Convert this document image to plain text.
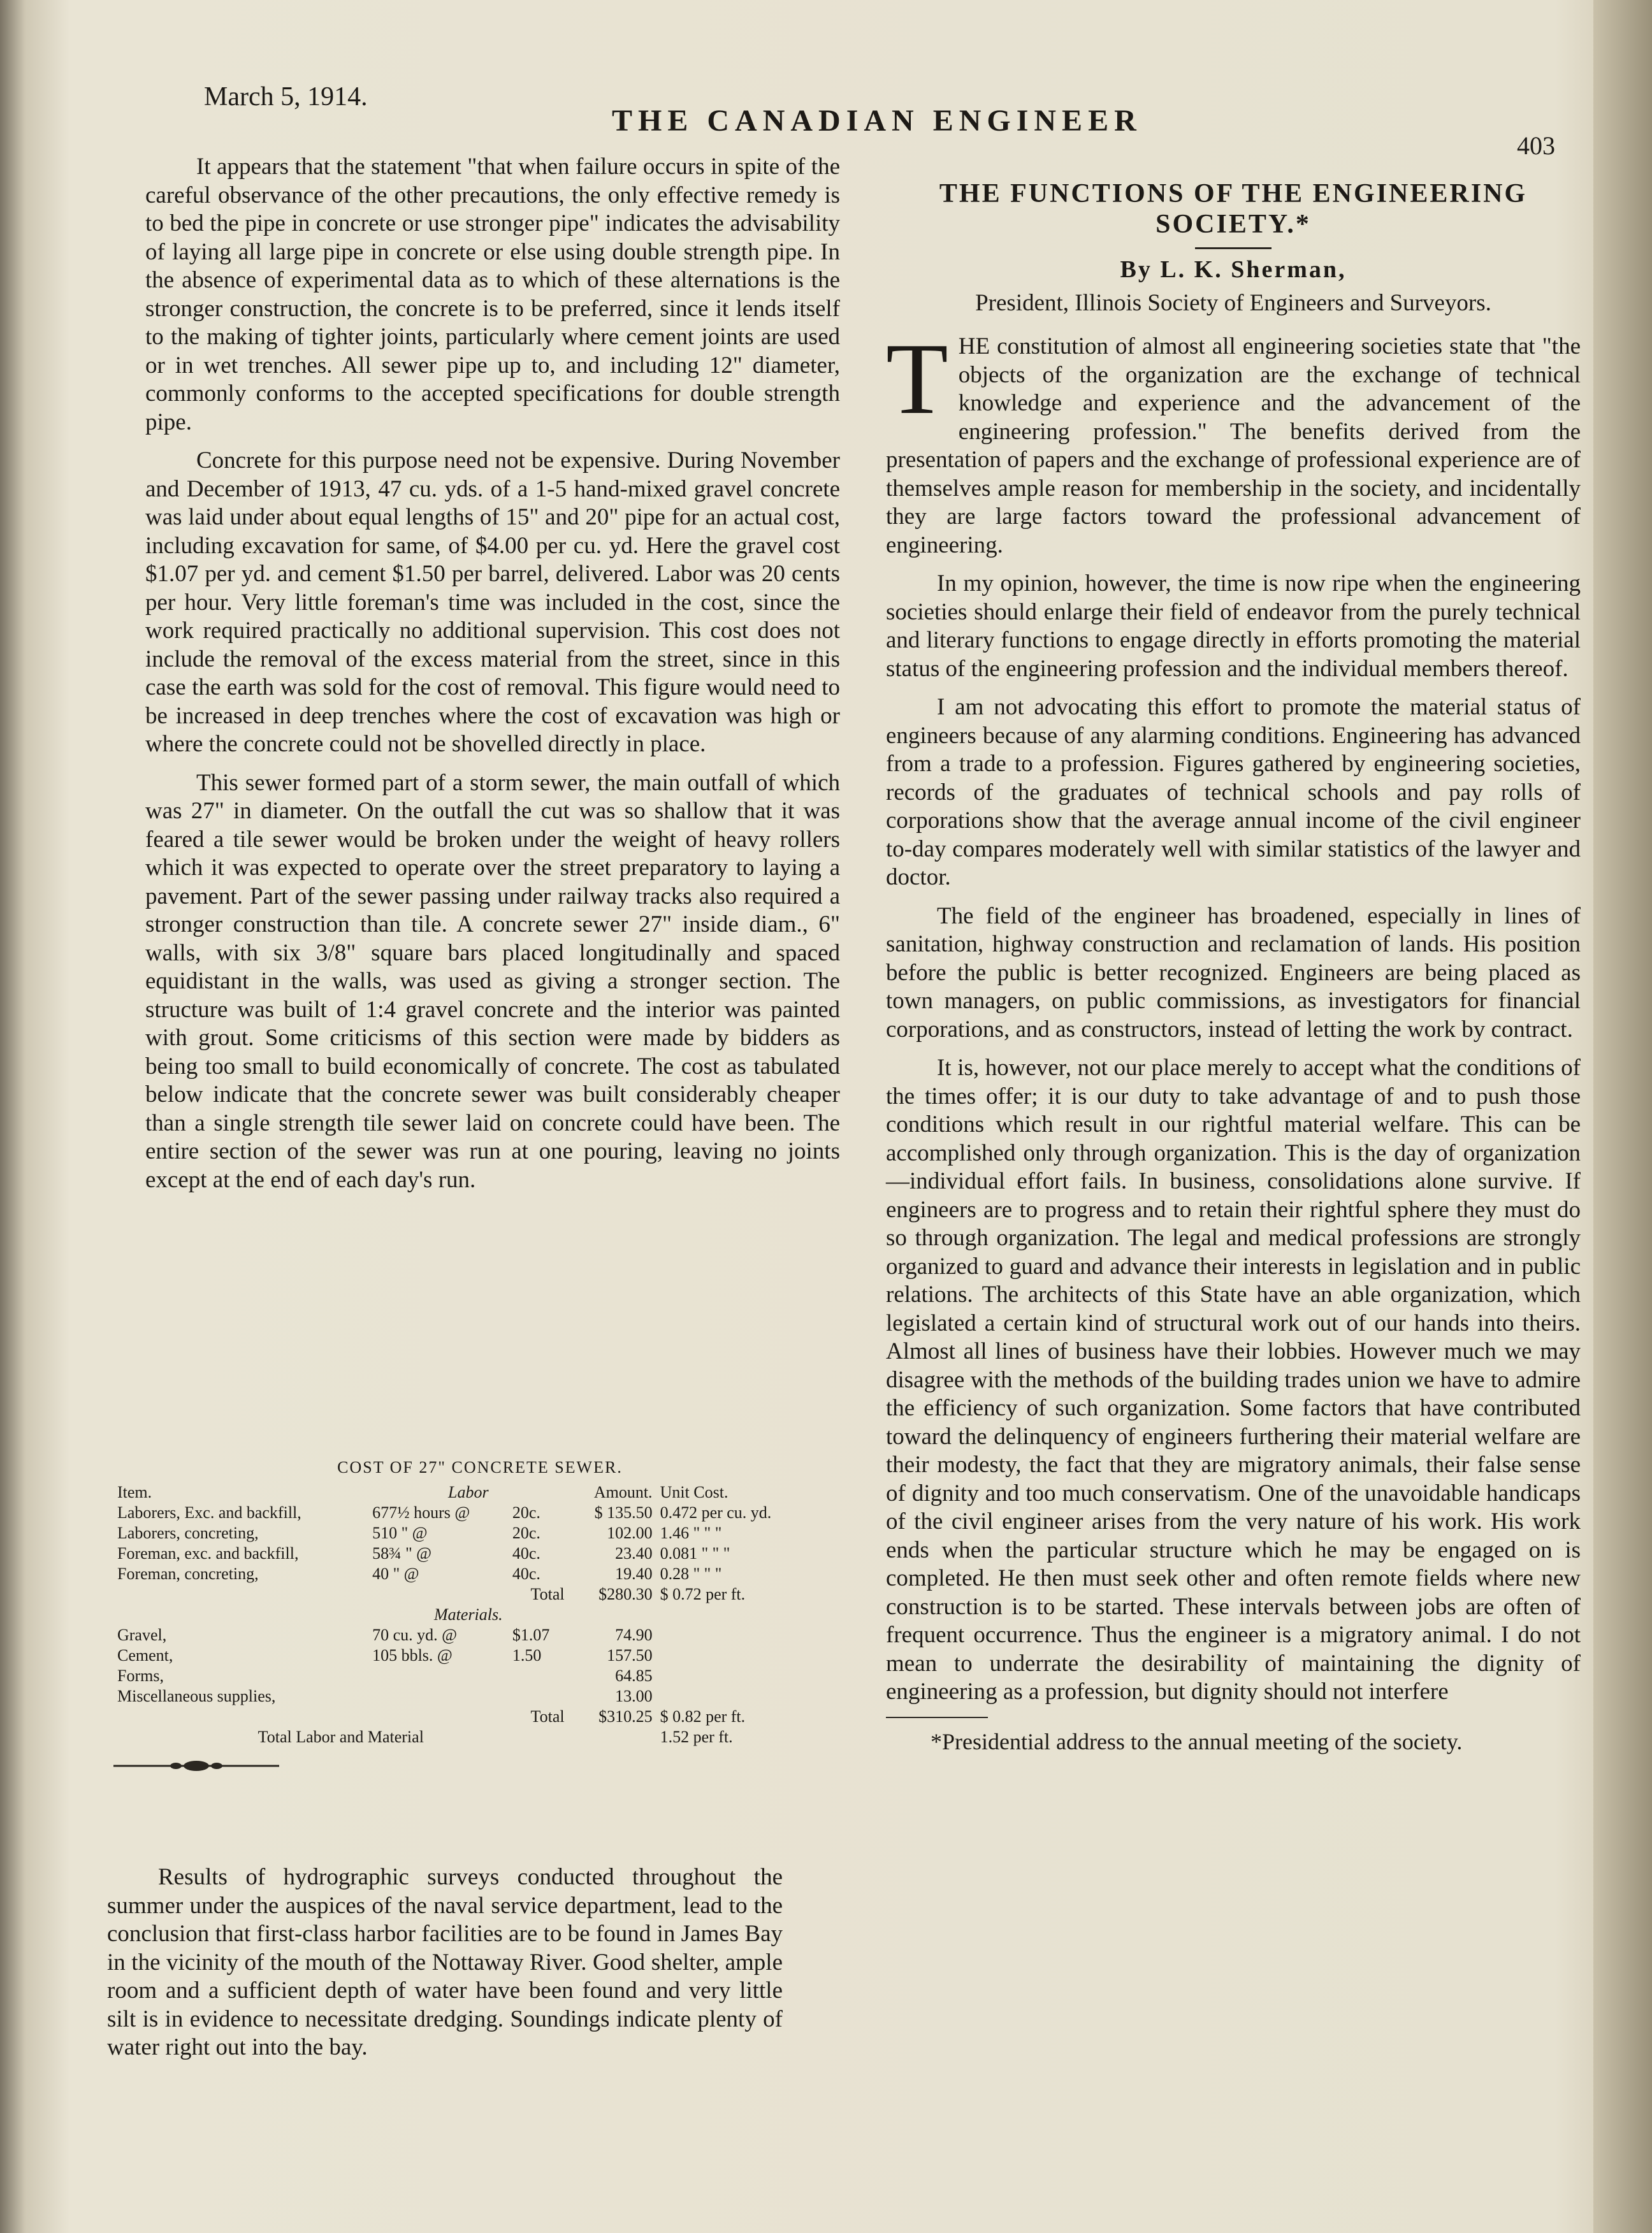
March 5, 1914.
THE CANADIAN ENGINEER
403

It appears that the statement "that when failure occurs in spite of the careful observance of the other precautions, the only effective remedy is to bed the pipe in concrete or use stronger pipe" indicates the advisability of laying all large pipe in concrete or else using double strength pipe. In the absence of experimental data as to which of these alternations is the stronger construction, the concrete is to be preferred, since it lends itself to the making of tighter joints, particularly where cement joints are used or in wet trenches. All sewer pipe up to, and including 12" diameter, commonly conforms to the accepted specifications for double strength pipe.

Concrete for this purpose need not be expensive. During November and December of 1913, 47 cu. yds. of a 1-5 hand-mixed gravel concrete was laid under about equal lengths of 15" and 20" pipe for an actual cost, including excavation for same, of $4.00 per cu. yd. Here the gravel cost $1.07 per yd. and cement $1.50 per barrel, delivered. Labor was 20 cents per hour. Very little foreman's time was included in the cost, since the work required practically no additional supervision. This cost does not include the removal of the excess material from the street, since in this case the earth was sold for the cost of removal. This figure would need to be increased in deep trenches where the cost of excavation was high or where the concrete could not be shovelled directly in place.

This sewer formed part of a storm sewer, the main outfall of which was 27" in diameter. On the outfall the cut was so shallow that it was feared a tile sewer would be broken under the weight of heavy rollers which it was expected to operate over the street preparatory to laying a pavement. Part of the sewer passing under railway tracks also required a stronger construction than tile. A concrete sewer 27" inside diam., 6" walls, with six 3/8" square bars placed longitudinally and spaced equidistant in the walls, was used as giving a stronger section. The structure was built of 1:4 gravel concrete and the interior was painted with grout. Some criticisms of this section were made by bidders as being too small to build economically of concrete. The cost as tabulated below indicate that the concrete sewer was built considerably cheaper than a single strength tile sewer laid on concrete could have been. The entire section of the sewer was run at one pouring, leaving no joints except at the end of each day's run.

COST OF 27" CONCRETE SEWER.
Item.	Labor		Amount.	Unit Cost.
Laborers, Exc. and backfill,	677½ hours @	20c.	$ 135.50	0.472 per cu. yd.
Laborers, concreting,	510 " @	20c.	102.00	1.46 " " "
Foreman, exc. and backfill,	58¾ " @	40c.	23.40	0.081 " " "
Foreman, concreting,	40 " @	40c.	19.40	0.28 " " "
		Total	$280.30	$ 0.72 per ft.
	Materials.			
Gravel,	70 cu. yd. @	$1.07	74.90	
Cement,	105 bbls. @	1.50	157.50	
Forms,			64.85	
Miscellaneous supplies,			13.00	
		Total	$310.25	$ 0.82 per ft.
Total Labor and Material				1.52 per ft.

Results of hydrographic surveys conducted throughout the summer under the auspices of the naval service department, lead to the conclusion that first-class harbor facilities are to be found in James Bay in the vicinity of the mouth of the Nottaway River. Good shelter, ample room and a sufficient depth of water have been found and very little silt is in evidence to necessitate dredging. Soundings indicate plenty of water right out into the bay.

THE FUNCTIONS OF THE ENGINEERING SOCIETY.*
By L. K. Sherman,
President, Illinois Society of Engineers and Surveyors.

THE constitution of almost all engineering societies state that "the objects of the organization are the exchange of technical knowledge and experience and the advancement of the engineering profession." The benefits derived from the presentation of papers and the exchange of professional experience are of themselves ample reason for membership in the society, and incidentally they are large factors toward the professional advancement of engineering.

In my opinion, however, the time is now ripe when the engineering societies should enlarge their field of endeavor from the purely technical and literary functions to engage directly in efforts promoting the material status of the engineering profession and the individual members thereof.

I am not advocating this effort to promote the material status of engineers because of any alarming conditions. Engineering has advanced from a trade to a profession. Figures gathered by engineering societies, records of the graduates of technical schools and pay rolls of corporations show that the average annual income of the civil engineer to-day compares moderately well with similar statistics of the lawyer and doctor.

The field of the engineer has broadened, especially in lines of sanitation, highway construction and reclamation of lands. His position before the public is better recognized. Engineers are being placed as town managers, on public commissions, as investigators for financial corporations, and as constructors, instead of letting the work by contract.

It is, however, not our place merely to accept what the conditions of the times offer; it is our duty to take advantage of and to push those conditions which result in our rightful material welfare. This can be accomplished only through organization. This is the day of organization—individual effort fails. In business, consolidations alone survive. If engineers are to progress and to retain their rightful sphere they must do so through organization. The legal and medical professions are strongly organized to guard and advance their interests in legislation and in public relations. The architects of this State have an able organization, which legislated a certain kind of structural work out of our hands into theirs. Almost all lines of business have their lobbies. However much we may disagree with the methods of the building trades union we have to admire the efficiency of such organization. Some factors that have contributed toward the delinquency of engineers furthering their material welfare are their modesty, the fact that they are migratory animals, their false sense of dignity and too much conservatism. One of the unavoidable handicaps of the civil engineer arises from the very nature of his work. His work ends when the particular structure which he may be engaged on is completed. He then must seek other and often remote fields where new construction is to be started. These intervals between jobs are often of frequent occurrence. Thus the engineer is a migratory animal. I do not mean to underrate the desirability of maintaining the dignity of engineering as a profession, but dignity should not interfere

*Presidential address to the annual meeting of the society.
